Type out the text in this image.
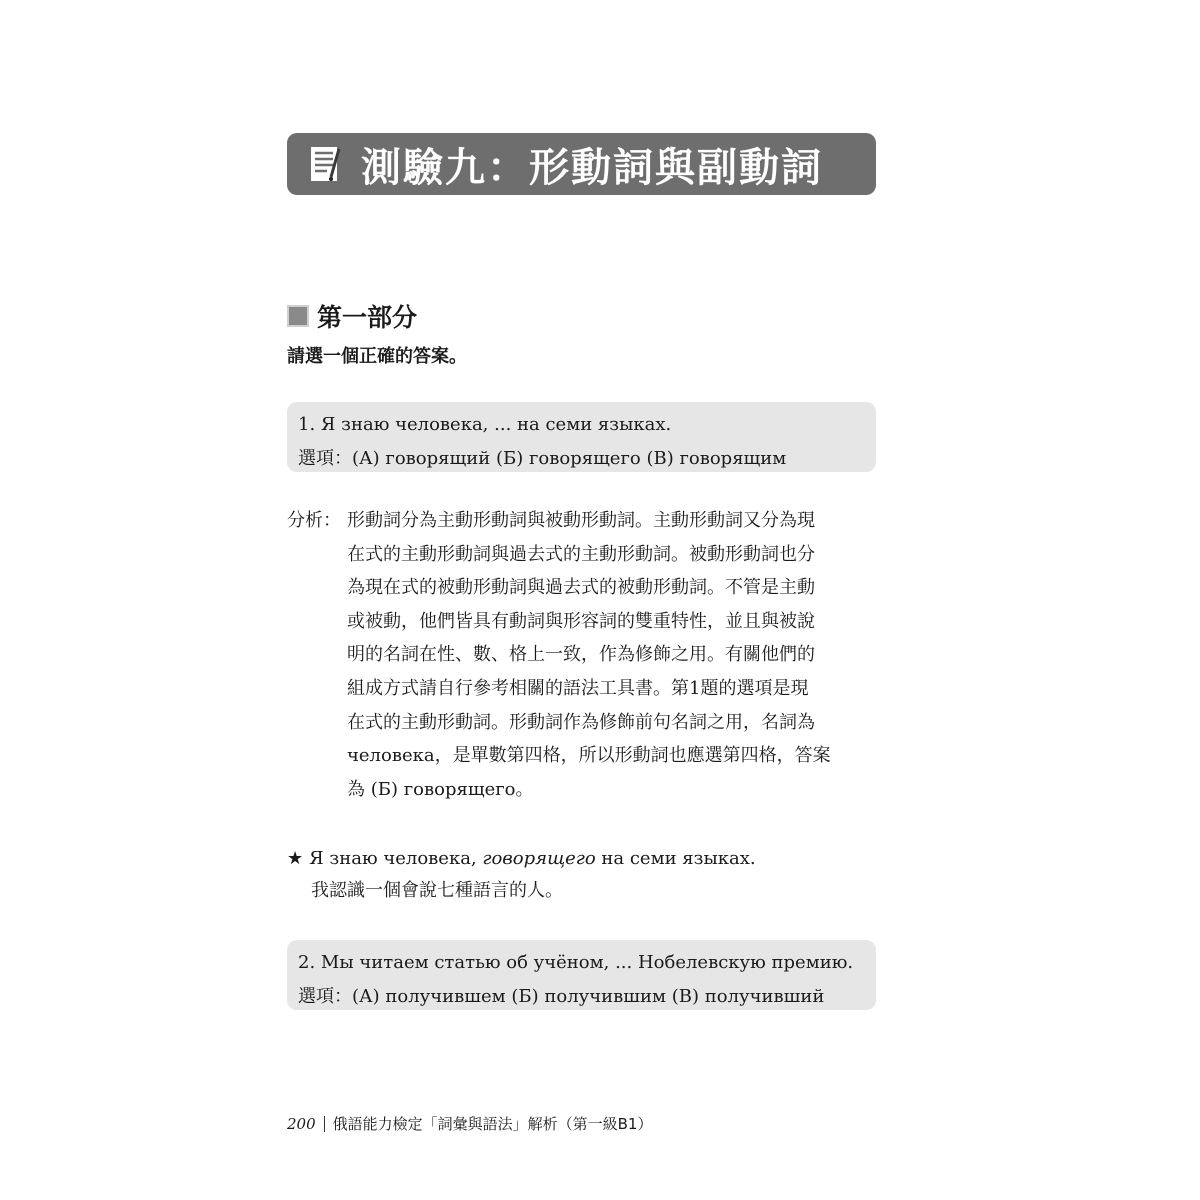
測驗九：形動詞與副動詞
第一部分
請選一個正確的答案。
1. Я знаю человека, ... на семи языках.
選項：(А) говорящий (Б) говорящего (В) говорящим
分析： 形動詞分為主動形動詞與被動形動詞。主動形動詞又分為現
在式的主動形動詞與過去式的主動形動詞。被動形動詞也分
為現在式的被動形動詞與過去式的被動形動詞。不管是主動
或被動，他們皆具有動詞與形容詞的雙重特性，並且與被說
明的名詞在性、數、格上一致，作為修飾之用。有關他們的
組成方式請自行參考相關的語法工具書。第1題的選項是現
在式的主動形動詞。形動詞作為修飾前句名詞之用，名詞為
человека，是單數第四格，所以形動詞也應選第四格，答案
為 (Б) говорящего。
★ Я знаю человека, говорящего на семи языках.
我認識一個會說七種語言的人。
2. Мы читаем статью об учёном, ... Нобелевскую премию.
選項：(А) получившем (Б) получившим (В) получивший
200 俄語能力檢定「詞彙與語法」解析（第一級B1）
